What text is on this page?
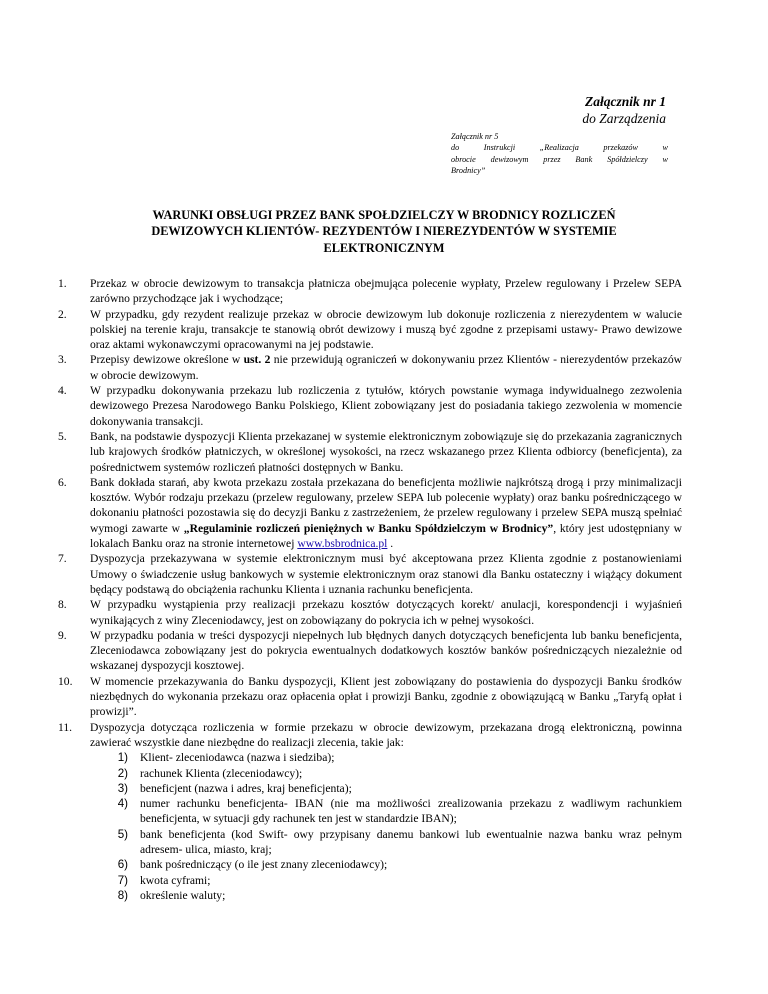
Załącznik nr 1
do Zarządzenia
Załącznik nr 5
do Instrukcji „Realizacja przekazów w
obrocie dewizowym przez Bank Spółdzielczy w
Brodnicy”
WARUNKI OBSŁUGI PRZEZ BANK SPOŁDZIELCZY W BRODNICY ROZLICZEŃ
DEWIZOWYCH KLIENTÓW- REZYDENTÓW I NIEREZYDENTÓW W SYSTEMIE
ELEKTRONICZNYM
1.	Przekaz w obrocie dewizowym to transakcja płatnicza obejmująca polecenie wypłaty, Przelew regulowany i Przelew SEPA zarówno przychodzące jak i wychodzące;
2.	W przypadku, gdy rezydent realizuje przekaz w obrocie dewizowym lub dokonuje rozliczenia z nierezydentem w walucie polskiej na terenie kraju, transakcje te stanowią obrót dewizowy i muszą być zgodne z przepisami ustawy- Prawo dewizowe oraz aktami wykonawczymi opracowanymi na jej podstawie.
3.	Przepisy dewizowe określone w ust. 2 nie przewidują ograniczeń w dokonywaniu przez Klientów - nierezydentów przekazów w obrocie dewizowym.
4.	W przypadku dokonywania przekazu lub rozliczenia z tytułów, których powstanie wymaga indywidualnego zezwolenia dewizowego Prezesa Narodowego Banku Polskiego, Klient zobowiązany jest do posiadania takiego zezwolenia w momencie dokonywania transakcji.
5.	Bank, na podstawie dyspozycji Klienta przekazanej w systemie elektronicznym zobowiązuje się do przekazania zagranicznych lub krajowych środków płatniczych, w określonej wysokości, na rzecz wskazanego przez Klienta odbiorcy (beneficjenta), za pośrednictwem systemów rozliczeń płatności dostępnych w Banku.
6.	Bank dokłada starań, aby kwota przekazu została przekazana do beneficjenta możliwie najkrótszą drogą i przy minimalizacji kosztów. Wybór rodzaju przekazu (przelew regulowany, przelew SEPA lub polecenie wypłaty) oraz banku pośredniczącego w dokonaniu płatności pozostawia się do decyzji Banku z zastrzeżeniem, że przelew regulowany i przelew SEPA muszą spełniać wymogi zawarte w „Regulaminie rozliczeń pieniężnych w Banku Spółdzielczym w Brodnicy”, który jest udostępniany w lokalach Banku oraz na stronie internetowej www.bsbrodnica.pl .
7.	Dyspozycja przekazywana w systemie elektronicznym musi być akceptowana przez Klienta zgodnie z postanowieniami Umowy o świadczenie usług bankowych w systemie elektronicznym oraz stanowi dla Banku ostateczny i wiążący dokument będący podstawą do obciążenia rachunku Klienta i uznania rachunku beneficjenta.
8.	W przypadku wystąpienia przy realizacji przekazu kosztów dotyczących korekt/ anulacji, korespondencji i wyjaśnień wynikających z winy Zleceniodawcy, jest on zobowiązany do pokrycia ich w pełnej wysokości.
9.	W przypadku podania w treści dyspozycji niepełnych lub błędnych danych dotyczących beneficjenta lub banku beneficjenta, Zleceniodawca zobowiązany jest do pokrycia ewentualnych dodatkowych kosztów banków pośredniczących niezależnie od wskazanej dyspozycji kosztowej.
10.	W momencie przekazywania do Banku dyspozycji, Klient jest zobowiązany do postawienia do dyspozycji Banku środków niezbędnych do wykonania przekazu oraz opłacenia opłat i prowizji Banku, zgodnie z obowiązującą w Banku „Taryfą opłat i prowizji”.
11.	Dyspozycja dotycząca rozliczenia w formie przekazu w obrocie dewizowym, przekazana drogą elektroniczną, powinna zawierać wszystkie dane niezbędne do realizacji zlecenia, takie jak:
1)	Klient- zleceniodawca (nazwa i siedziba);
2)	rachunek Klienta (zleceniodawcy);
3)	beneficjent (nazwa i adres, kraj beneficjenta);
4)	numer rachunku beneficjenta- IBAN (nie ma możliwości zrealizowania przekazu z wadliwym rachunkiem beneficjenta, w sytuacji gdy rachunek ten jest w standardzie IBAN);
5)	bank beneficjenta (kod Swift- owy przypisany danemu bankowi lub ewentualnie nazwa banku wraz pełnym adresem- ulica, miasto, kraj;
6)	bank pośredniczący (o ile jest znany zleceniodawcy);
7)	kwota cyframi;
8)	określenie waluty;
